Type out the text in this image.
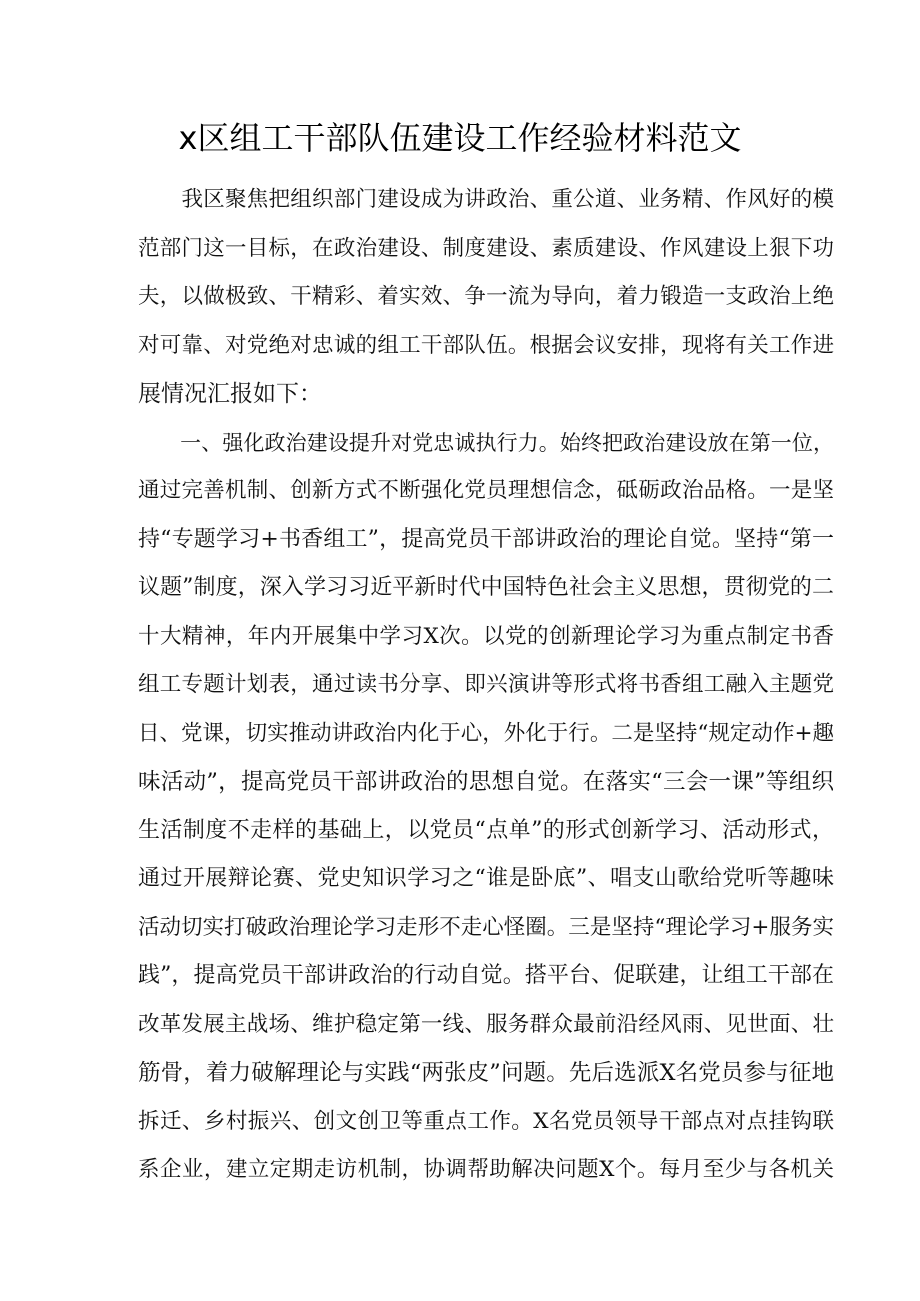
x区组工干部队伍建设工作经验材料范文
　　我区聚焦把组织部门建设成为讲政治、重公道、业务精、作风好的模
范部门这一目标，在政治建设、制度建设、素质建设、作风建设上狠下功
夫，以做极致、干精彩、着实效、争一流为导向，着力锻造一支政治上绝
对可靠、对党绝对忠诚的组工干部队伍。根据会议安排，现将有关工作进
展情况汇报如下：
　　一、强化政治建设提升对党忠诚执行力。始终把政治建设放在第一位，
通过完善机制、创新方式不断强化党员理想信念，砥砺政治品格。一是坚
持“专题学习+书香组工”，提高党员干部讲政治的理论自觉。坚持“第一
议题”制度，深入学习习近平新时代中国特色社会主义思想，贯彻党的二
十大精神，年内开展集中学习X次。以党的创新理论学习为重点制定书香
组工专题计划表，通过读书分享、即兴演讲等形式将书香组工融入主题党
日、党课，切实推动讲政治内化于心，外化于行。二是坚持“规定动作+趣
味活动”，提高党员干部讲政治的思想自觉。在落实“三会一课”等组织
生活制度不走样的基础上，以党员“点单”的形式创新学习、活动形式，
通过开展辩论赛、党史知识学习之“谁是卧底”、唱支山歌给党听等趣味
活动切实打破政治理论学习走形不走心怪圈。三是坚持“理论学习+服务实
践”，提高党员干部讲政治的行动自觉。搭平台、促联建，让组工干部在
改革发展主战场、维护稳定第一线、服务群众最前沿经风雨、见世面、壮
筋骨，着力破解理论与实践“两张皮”问题。先后选派X名党员参与征地
拆迁、乡村振兴、创文创卫等重点工作。X名党员领导干部点对点挂钩联
系企业，建立定期走访机制，协调帮助解决问题X个。每月至少与各机关
